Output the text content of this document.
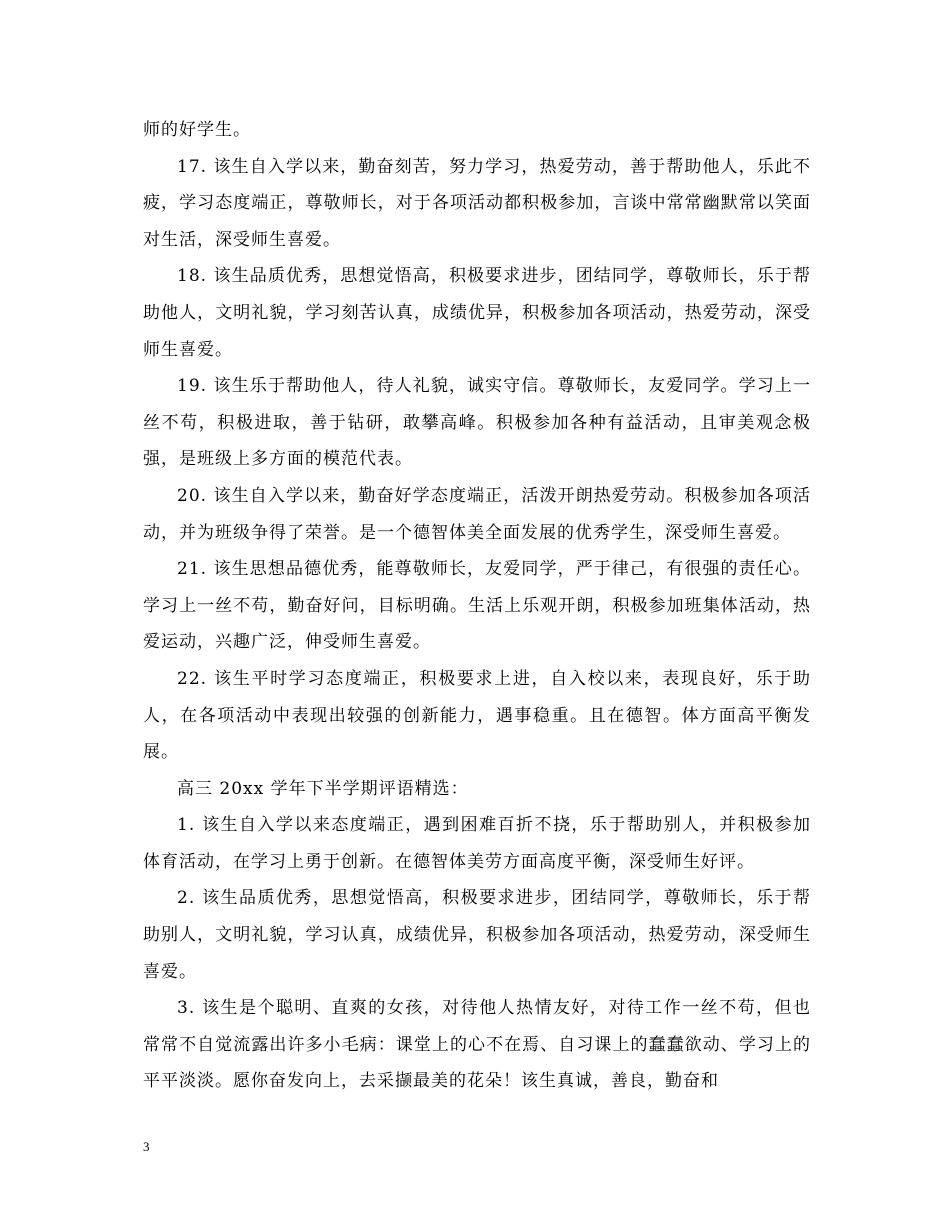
师的好学生。

17. 该生自入学以来，勤奋刻苦，努力学习，热爱劳动，善于帮助他人，乐此不疲，学习态度端正，尊敬师长，对于各项活动都积极参加，言谈中常常幽默常以笑面对生活，深受师生喜爱。

18. 该生品质优秀，思想觉悟高，积极要求进步，团结同学，尊敬师长，乐于帮助他人，文明礼貌，学习刻苦认真，成绩优异，积极参加各项活动，热爱劳动，深受师生喜爱。

19. 该生乐于帮助他人，待人礼貌，诚实守信。尊敬师长，友爱同学。学习上一丝不苟，积极进取，善于钻研，敢攀高峰。积极参加各种有益活动，且审美观念极强，是班级上多方面的模范代表。

20. 该生自入学以来，勤奋好学态度端正，活泼开朗热爱劳动。积极参加各项活动，并为班级争得了荣誉。是一个德智体美全面发展的优秀学生，深受师生喜爱。

21. 该生思想品德优秀，能尊敬师长，友爱同学，严于律己，有很强的责任心。学习上一丝不苟，勤奋好问，目标明确。生活上乐观开朗，积极参加班集体活动，热爱运动，兴趣广泛，伸受师生喜爱。

22. 该生平时学习态度端正，积极要求上进，自入校以来，表现良好，乐于助人，在各项活动中表现出较强的创新能力，遇事稳重。且在德智。体方面高平衡发展。

高三 20xx 学年下半学期评语精选：

1. 该生自入学以来态度端正，遇到困难百折不挠，乐于帮助别人，并积极参加体育活动，在学习上勇于创新。在德智体美劳方面高度平衡，深受师生好评。

2. 该生品质优秀，思想觉悟高，积极要求进步，团结同学，尊敬师长，乐于帮助别人，文明礼貌，学习认真，成绩优异，积极参加各项活动，热爱劳动，深受师生喜爱。

3. 该生是个聪明、直爽的女孩，对待他人热情友好，对待工作一丝不苟，但也常常不自觉流露出许多小毛病：课堂上的心不在焉、自习课上的蠢蠢欲动、学习上的平平淡淡。愿你奋发向上，去采撷最美的花朵！该生真诚，善良，勤奋和

3
